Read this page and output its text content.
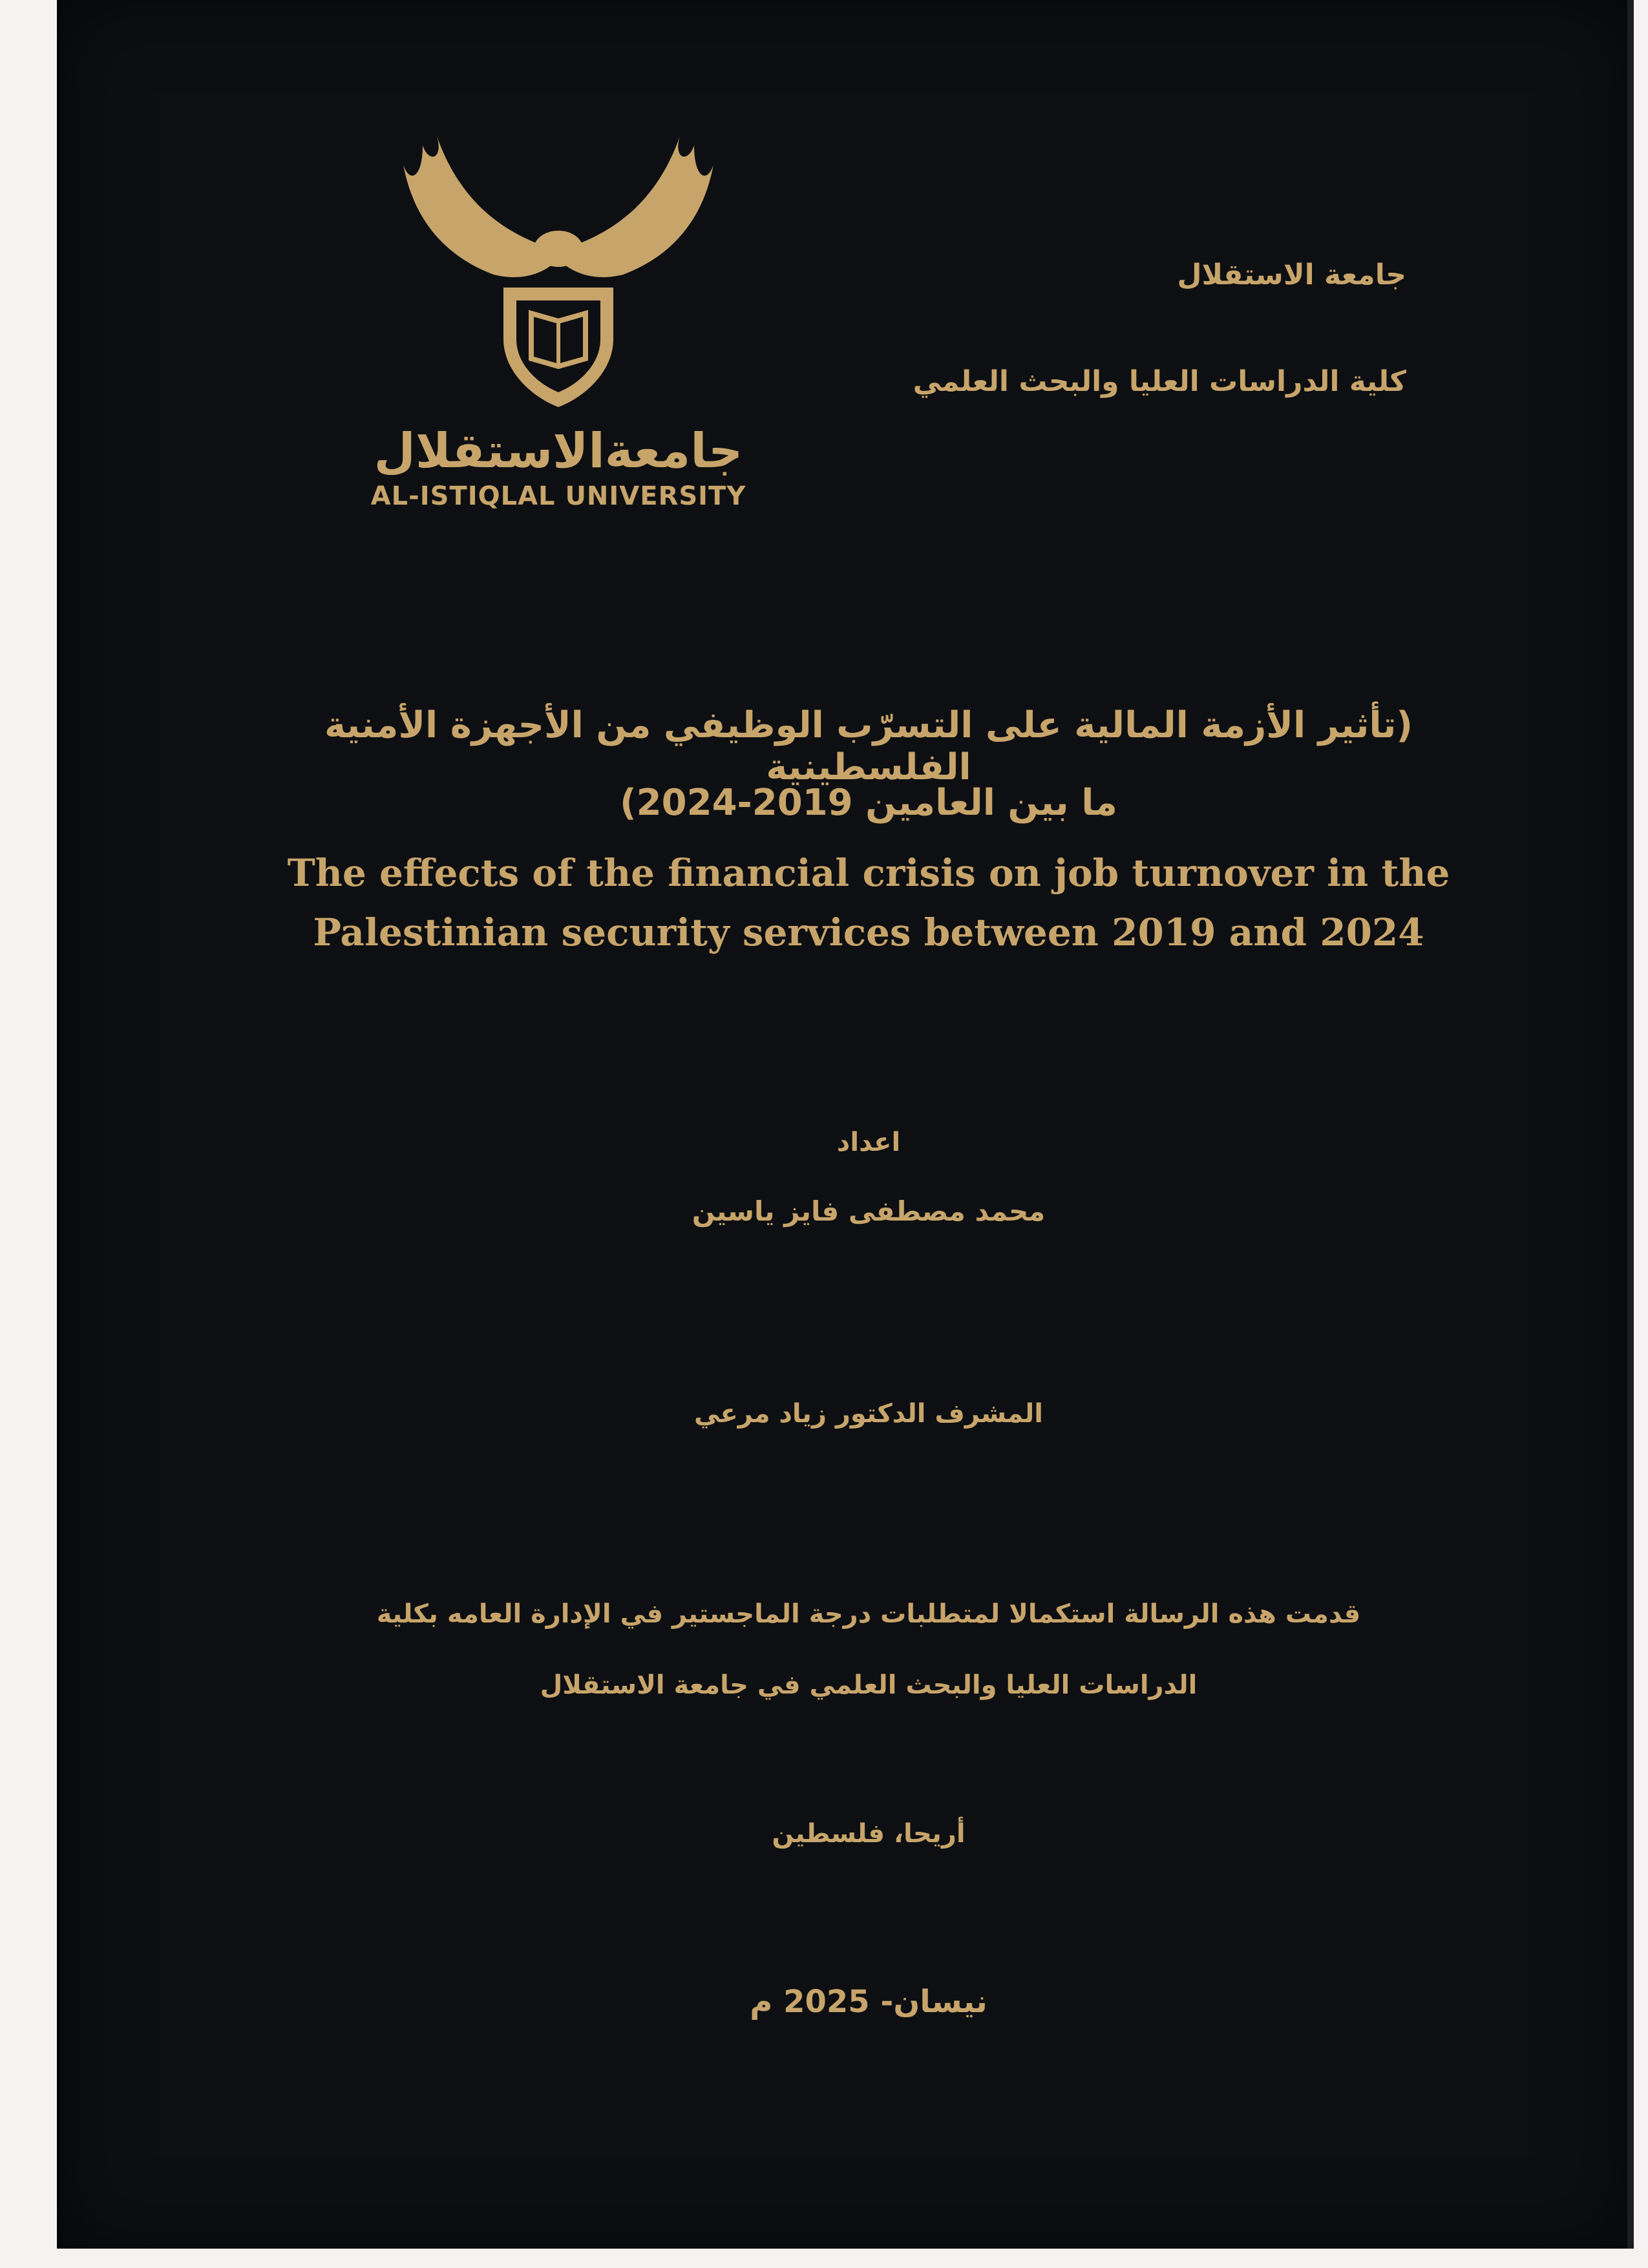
جامعةالاستقلال
AL-ISTIQLAL UNIVERSITY
جامعة الاستقلال
كلية الدراسات العليا والبحث العلمي
(تأثير الأزمة المالية على التسرّب الوظيفي من الأجهزة الأمنية الفلسطينية
ما بين العامين 2019-2024)
The effects of the financial crisis on job turnover in the Palestinian security services between 2019 and 2024
اعداد
محمد مصطفى فايز ياسين
المشرف الدكتور زياد مرعي
قدمت هذه الرسالة استكمالا لمتطلبات درجة الماجستير في الإدارة العامه بكلية
الدراسات العليا والبحث العلمي في جامعة الاستقلال
أريحا، فلسطين
نيسان- 2025 م
